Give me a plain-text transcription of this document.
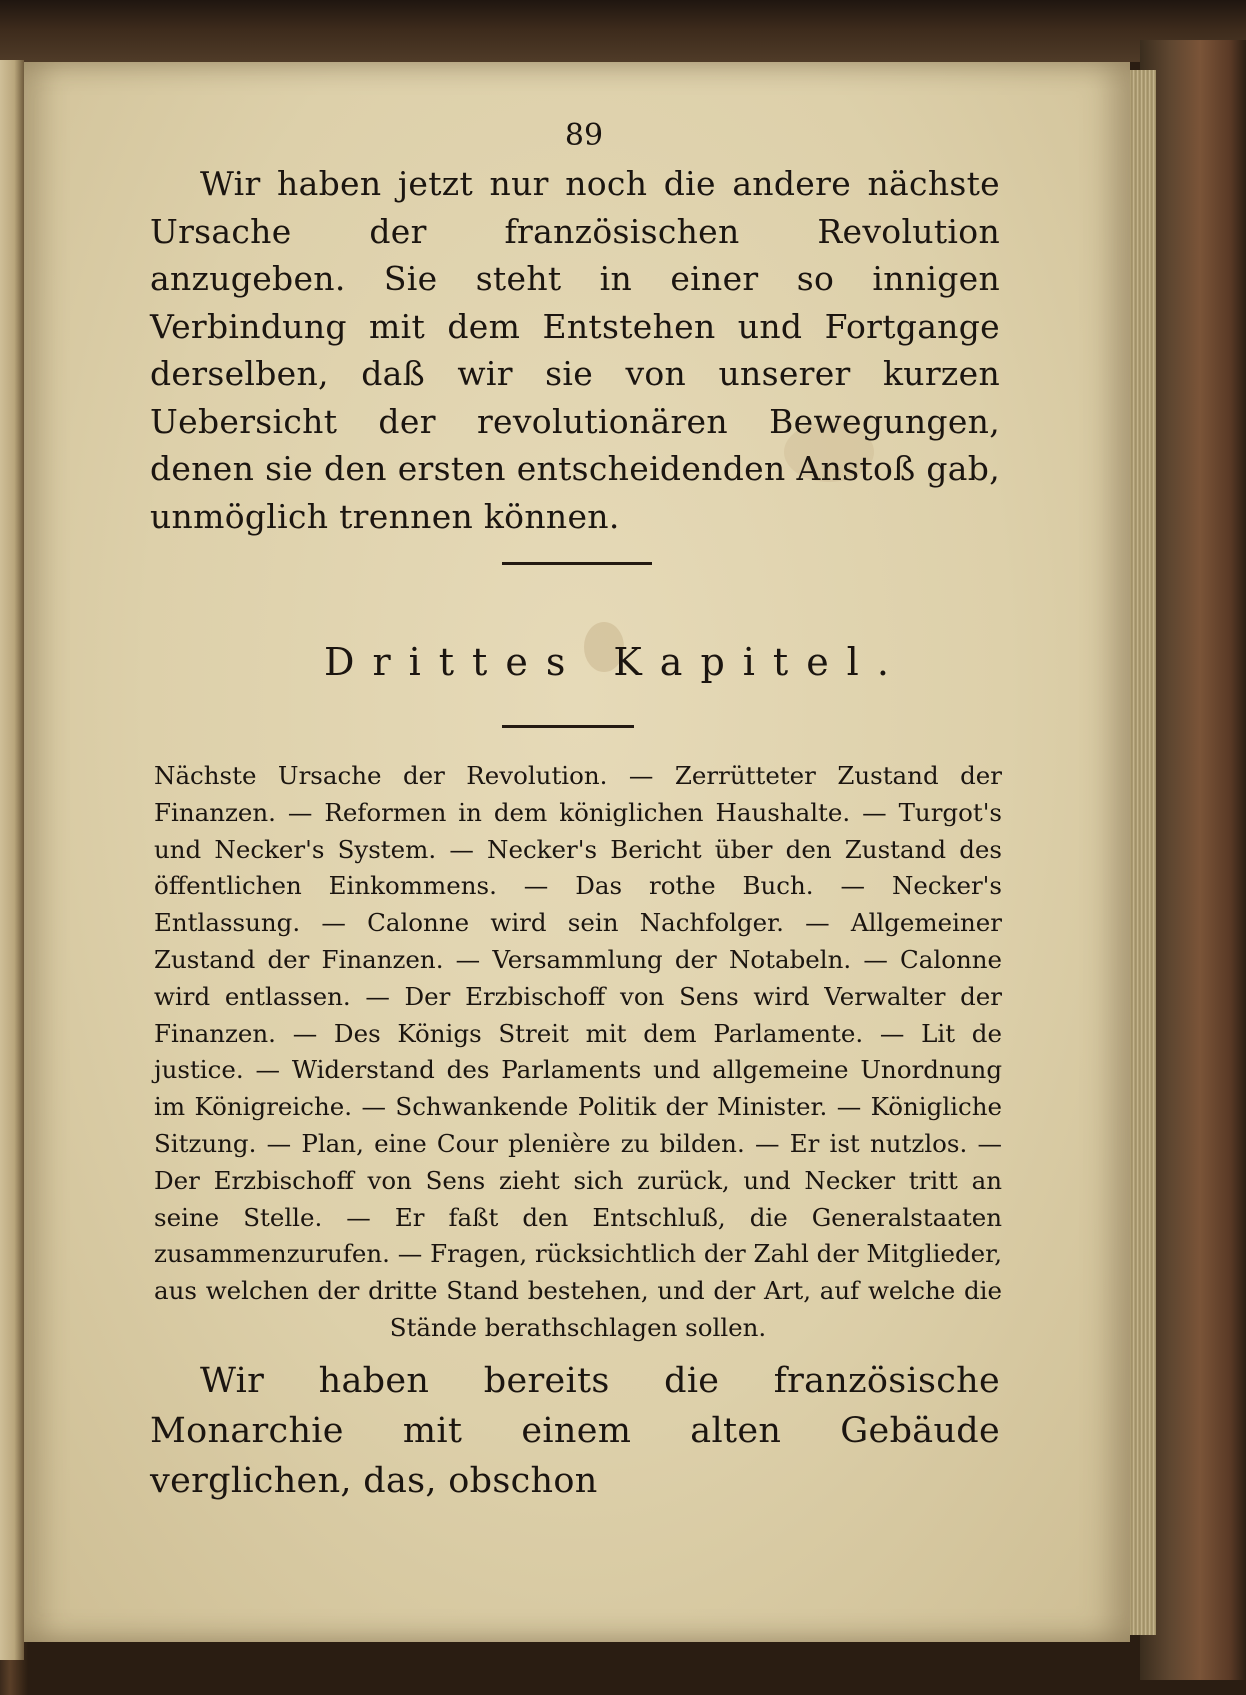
89

Wir haben jetzt nur noch die andere nächste Ursache der französischen Revolution anzugeben. Sie steht in einer so innigen Verbindung mit dem Entstehen und Fortgange derselben, daß wir sie von unserer kurzen Uebersicht der revolutionären Bewegungen, denen sie den ersten entscheidenden Anstoß gab, unmöglich trennen können.

Drittes Kapitel.

Nächste Ursache der Revolution. — Zerrütteter Zustand der Finanzen. — Reformen in dem königlichen Haushalte. — Turgot's und Necker's System. — Necker's Bericht über den Zustand des öffentlichen Einkommens. — Das rothe Buch. — Necker's Entlassung. — Calonne wird sein Nachfolger. — Allgemeiner Zustand der Finanzen. — Versammlung der Notabeln. — Calonne wird entlassen. — Der Erzbischoff von Sens wird Verwalter der Finanzen. — Des Königs Streit mit dem Parlamente. — Lit de justice. — Widerstand des Parlaments und allgemeine Unordnung im Königreiche. — Schwankende Politik der Minister. — Königliche Sitzung. — Plan, eine Cour plenière zu bilden. — Er ist nutzlos. — Der Erzbischoff von Sens zieht sich zurück, und Necker tritt an seine Stelle. — Er faßt den Entschluß, die Generalstaaten zusammenzurufen. — Fragen, rücksichtlich der Zahl der Mitglieder, aus welchen der dritte Stand bestehen, und der Art, auf welche die Stände berathschlagen sollen.

Wir haben bereits die französische Monarchie mit einem alten Gebäude verglichen, das, obschon
